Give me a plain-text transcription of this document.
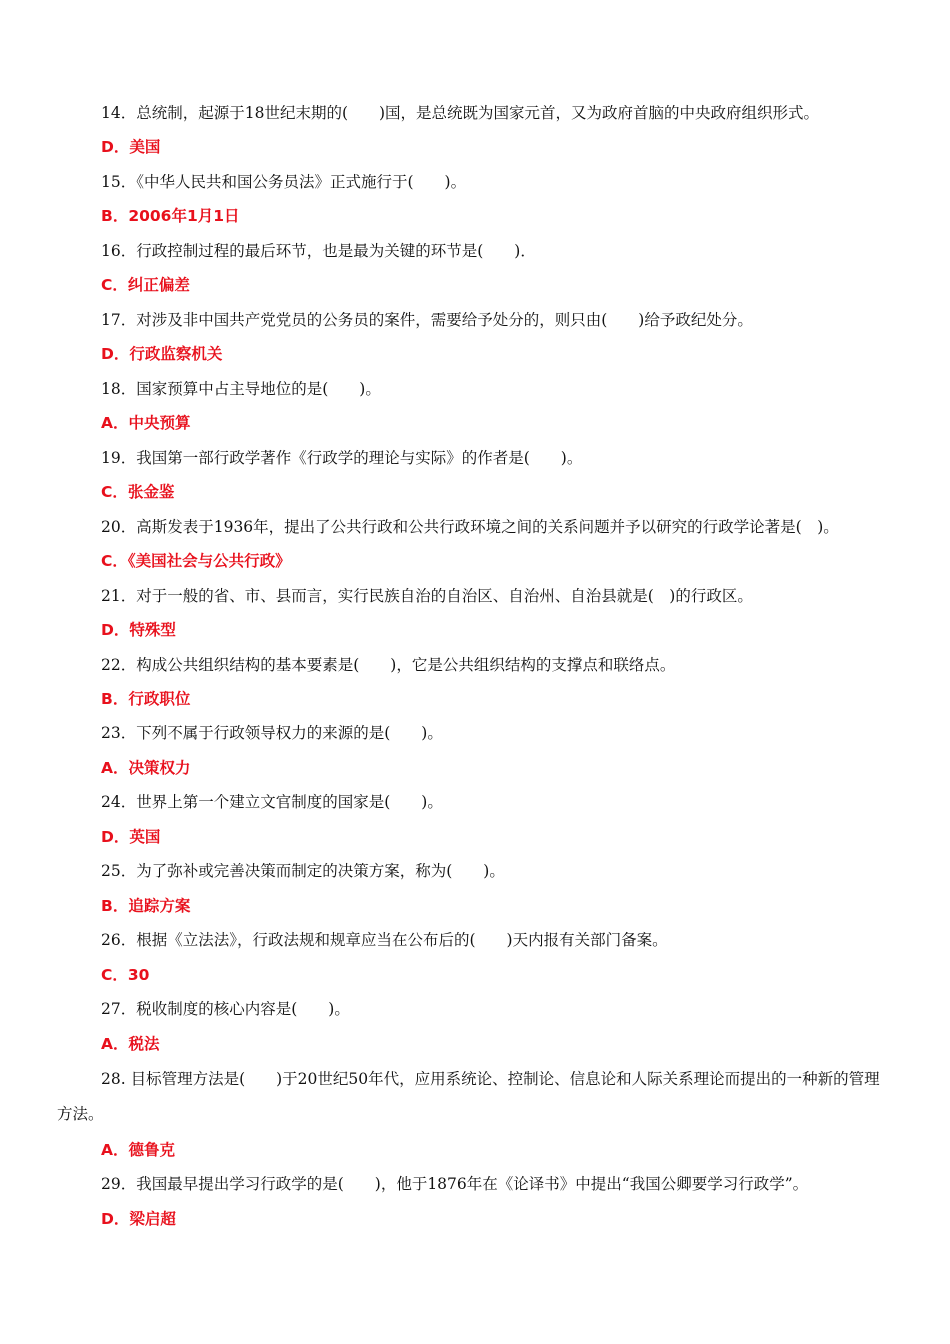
14．总统制，起源于18世纪末期的(　　)国，是总统既为国家元首，又为政府首脑的中央政府组织形式。
D．美国
15．《中华人民共和国公务员法》正式施行于(　　)。
B．2006年1月1日
16．行政控制过程的最后环节，也是最为关键的环节是(　　)．
C．纠正偏差
17．对涉及非中国共产党党员的公务员的案件，需要给予处分的，则只由(　　)给予政纪处分。
D．行政监察机关
18．国家预算中占主导地位的是(　　)。
A．中央预算
19．我国第一部行政学著作《行政学的理论与实际》的作者是(　　)。
C．张金鉴
20．高斯发表于1936年，提出了公共行政和公共行政环境之间的关系问题并予以研究的行政学论著是(　)。
C．《美国社会与公共行政》
21．对于一般的省、市、县而言，实行民族自治的自治区、自治州、自治县就是(　)的行政区。
D．特殊型
22．构成公共组织结构的基本要素是(　　)，它是公共组织结构的支撑点和联络点。
B．行政职位
23．下列不属于行政领导权力的来源的是(　　)。
A．决策权力
24．世界上第一个建立文官制度的国家是(　　)。
D．英国
25．为了弥补或完善决策而制定的决策方案，称为(　　)。
B．追踪方案
26．根据《立法法》，行政法规和规章应当在公布后的(　　)天内报有关部门备案。
C．30
27．税收制度的核心内容是(　　)。
A．税法
28. 目标管理方法是(　　)于20世纪50年代，应用系统论、控制论、信息论和人际关系理论而提出的一种新的管理方法。
A．德鲁克
29．我国最早提出学习行政学的是(　　)，他于1876年在《论译书》中提出“我国公卿要学习行政学”。
D．梁启超
